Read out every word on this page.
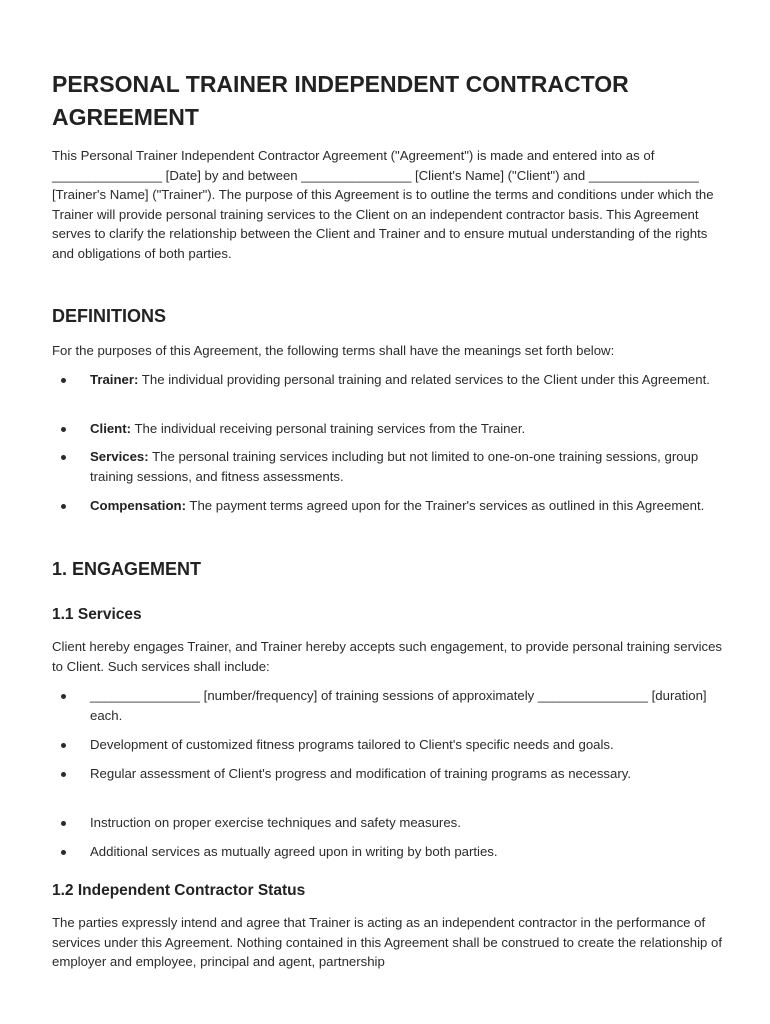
PERSONAL TRAINER INDEPENDENT CONTRACTOR AGREEMENT

This Personal Trainer Independent Contractor Agreement ("Agreement") is made and entered into as of _______________ [Date] by and between _______________ [Client's Name] ("Client") and _______________ [Trainer's Name] ("Trainer"). The purpose of this Agreement is to outline the terms and conditions under which the Trainer will provide personal training services to the Client on an independent contractor basis. This Agreement serves to clarify the relationship between the Client and Trainer and to ensure mutual understanding of the rights and obligations of both parties.

DEFINITIONS

For the purposes of this Agreement, the following terms shall have the meanings set forth below:

Trainer: The individual providing personal training and related services to the Client under this Agreement.
Client: The individual receiving personal training services from the Trainer.
Services: The personal training services including but not limited to one-on-one training sessions, group training sessions, and fitness assessments.
Compensation: The payment terms agreed upon for the Trainer's services as outlined in this Agreement.
1. ENGAGEMENT
1.1 Services

Client hereby engages Trainer, and Trainer hereby accepts such engagement, to provide personal training services to Client. Such services shall include:

_______________ [number/frequency] of training sessions of approximately _______________ [duration] each.
Development of customized fitness programs tailored to Client's specific needs and goals.
Regular assessment of Client's progress and modification of training programs as necessary.
Instruction on proper exercise techniques and safety measures.
Additional services as mutually agreed upon in writing by both parties.
1.2 Independent Contractor Status

The parties expressly intend and agree that Trainer is acting as an independent contractor in the performance of services under this Agreement. Nothing contained in this Agreement shall be construed to create the relationship of employer and employee, principal and agent, partnership
